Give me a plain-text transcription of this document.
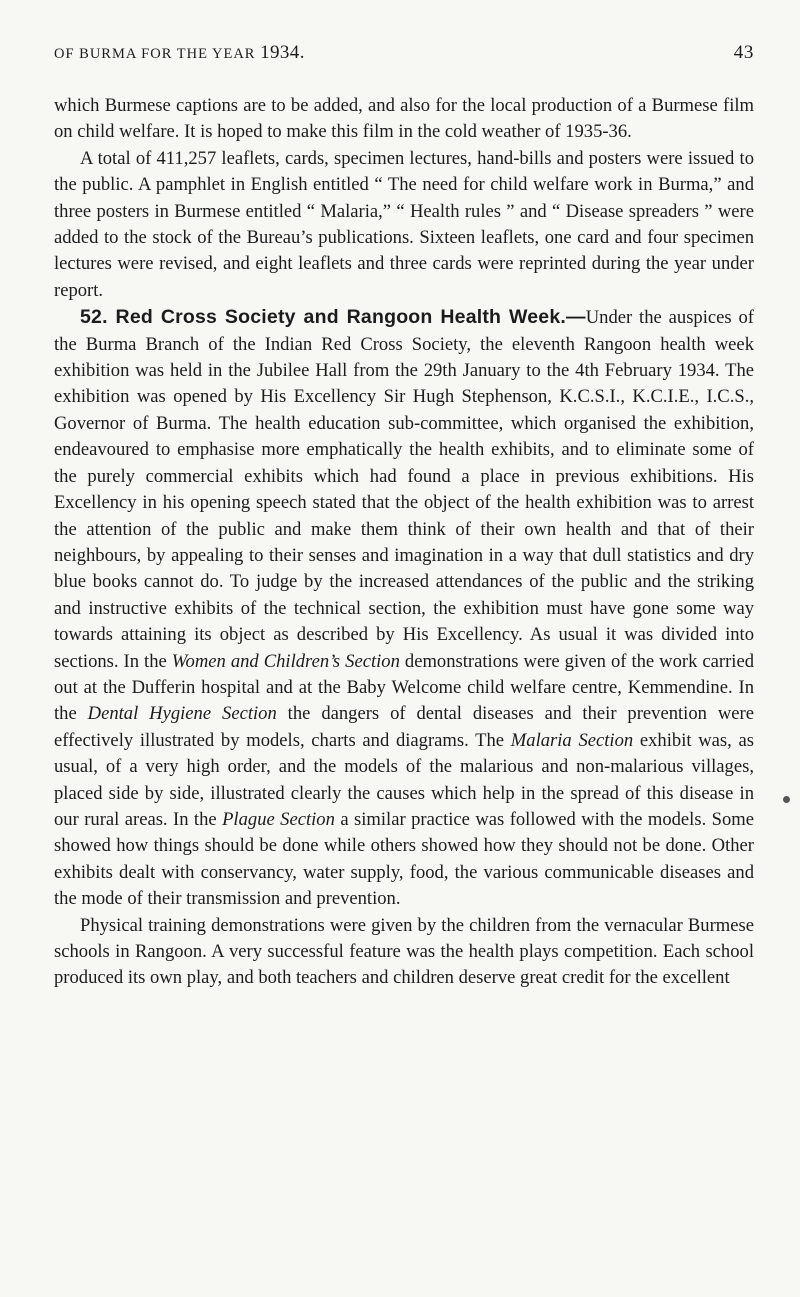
OF BURMA FOR THE YEAR 1934.	43

which Burmese captions are to be added, and also for the local production of a Burmese film on child welfare. It is hoped to make this film in the cold weather of 1935-36.

A total of 411,257 leaflets, cards, specimen lectures, hand-bills and posters were issued to the public. A pamphlet in English entitled “ The need for child welfare work in Burma,” and three posters in Burmese entitled “ Malaria,” “ Health rules ” and “ Disease spreaders ” were added to the stock of the Bureau’s publications. Sixteen leaflets, one card and four specimen lectures were revised, and eight leaflets and three cards were reprinted during the year under report.

52. Red Cross Society and Rangoon Health Week.—Under the auspices of the Burma Branch of the Indian Red Cross Society, the eleventh Rangoon health week exhibition was held in the Jubilee Hall from the 29th January to the 4th February 1934. The exhibition was opened by His Excellency Sir Hugh Stephenson, K.C.S.I., K.C.I.E., I.C.S., Governor of Burma. The health education sub-committee, which organised the exhibition, endeavoured to emphasise more emphatically the health exhibits, and to eliminate some of the purely commercial exhibits which had found a place in previous exhibitions. His Excellency in his opening speech stated that the object of the health exhibition was to arrest the attention of the public and make them think of their own health and that of their neighbours, by appealing to their senses and imagination in a way that dull statistics and dry blue books cannot do. To judge by the increased attendances of the public and the striking and instructive exhibits of the technical section, the exhibition must have gone some way towards attaining its object as described by His Excellency. As usual it was divided into sections. In the Women and Children’s Section demonstrations were given of the work carried out at the Dufferin hospital and at the Baby Welcome child welfare centre, Kemmendine. In the Dental Hygiene Section the dangers of dental diseases and their prevention were effectively illustrated by models, charts and diagrams. The Malaria Section exhibit was, as usual, of a very high order, and the models of the malarious and non-malarious villages, placed side by side, illustrated clearly the causes which help in the spread of this disease in our rural areas. In the Plague Section a similar practice was followed with the models. Some showed how things should be done while others showed how they should not be done. Other exhibits dealt with conservancy, water supply, food, the various communicable diseases and the mode of their transmission and prevention.

Physical training demonstrations were given by the children from the vernacular Burmese schools in Rangoon. A very successful feature was the health plays competition. Each school produced its own play, and both teachers and children deserve great credit for the excellent
